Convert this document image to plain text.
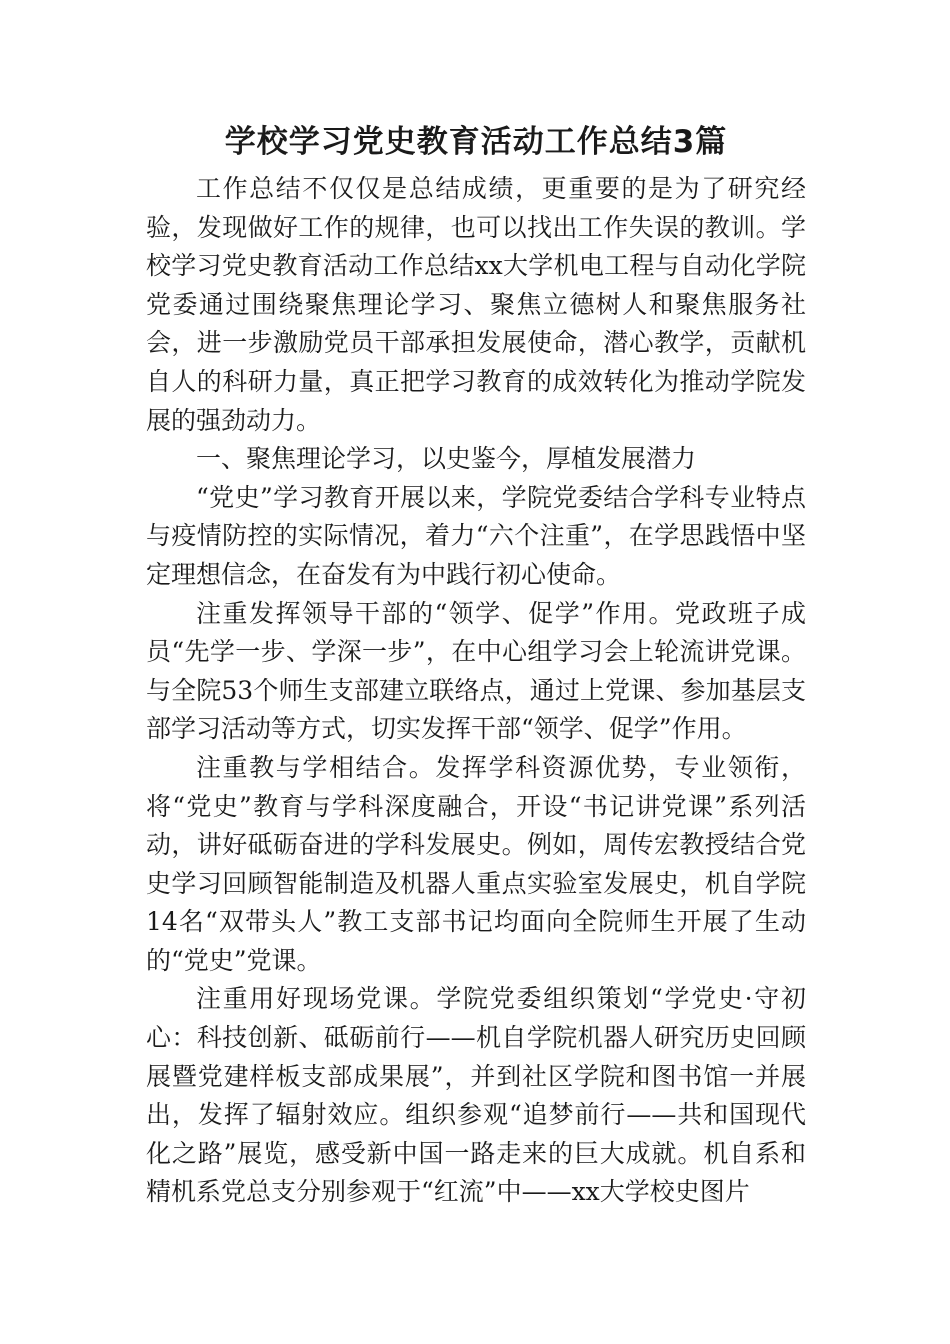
学校学习党史教育活动工作总结3篇

工作总结不仅仅是总结成绩，更重要的是为了研究经验，发现做好工作的规律，也可以找出工作失误的教训。学校学习党史教育活动工作总结xx大学机电工程与自动化学院党委通过围绕聚焦理论学习、聚焦立德树人和聚焦服务社会，进一步激励党员干部承担发展使命，潜心教学，贡献机自人的科研力量，真正把学习教育的成效转化为推动学院发展的强劲动力。

一、聚焦理论学习，以史鉴今，厚植发展潜力

“党史”学习教育开展以来，学院党委结合学科专业特点与疫情防控的实际情况，着力“六个注重”，在学思践悟中坚定理想信念，在奋发有为中践行初心使命。

注重发挥领导干部的“领学、促学”作用。党政班子成员“先学一步、学深一步”，在中心组学习会上轮流讲党课。与全院53个师生支部建立联络点，通过上党课、参加基层支部学习活动等方式，切实发挥干部“领学、促学”作用。

注重教与学相结合。发挥学科资源优势，专业领衔，将“党史”教育与学科深度融合，开设“书记讲党课”系列活动，讲好砥砺奋进的学科发展史。例如，周传宏教授结合党史学习回顾智能制造及机器人重点实验室发展史，机自学院14名“双带头人”教工支部书记均面向全院师生开展了生动的“党史”党课。

注重用好现场党课。学院党委组织策划“学党史·守初心：科技创新、砥砺前行——机自学院机器人研究历史回顾展暨党建样板支部成果展”，并到社区学院和图书馆一并展出，发挥了辐射效应。组织参观“追梦前行——共和国现代化之路”展览，感受新中国一路走来的巨大成就。机自系和精机系党总支分别参观于“红流”中——xx大学校史图片
